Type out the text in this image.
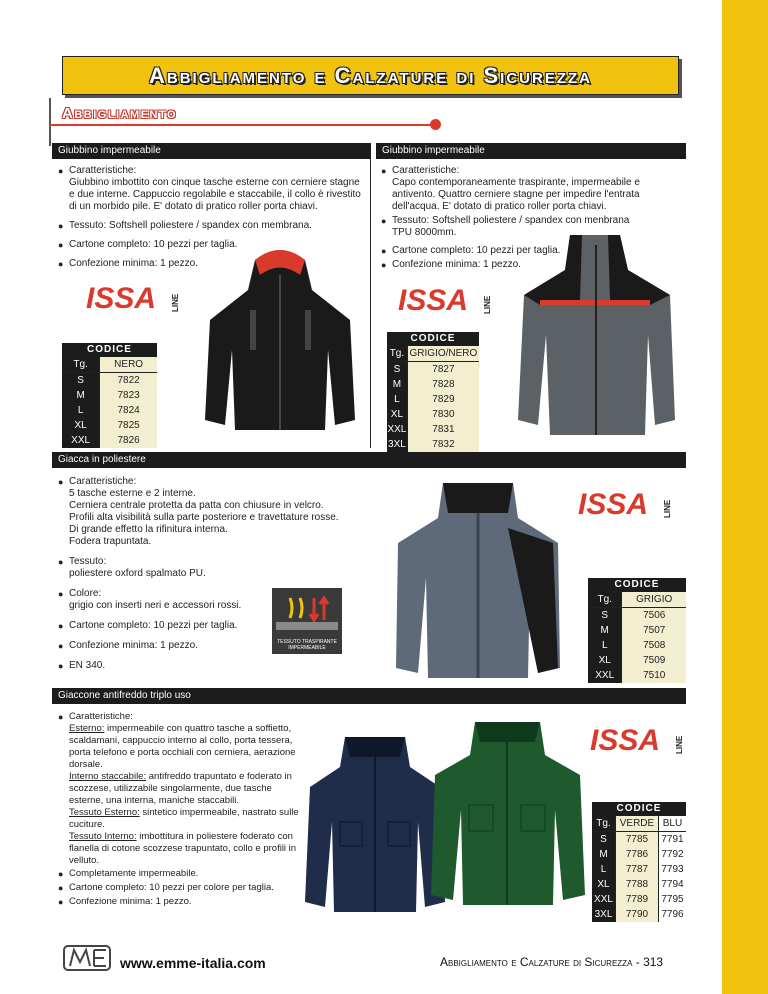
Abbigliamento e Calzature di Sicurezza
Abbigliamento
Giubbino impermeabile
● Caratteristiche:
Giubbino imbottito con cinque tasche esterne con cerniere stagne e due interne. Cappuccio regolabile e staccabile, il collo è rivestito di un morbido pile. E' dotato di pratico roller porta chiavi.
● Tessuto: Softshell poliestere / spandex con membrana.
● Cartone completo: 10 pezzi per taglia.
● Confezione minima: 1 pezzo.
ISSA LINE
CODICE
Tg.	NERO
S	7822
M	7823
L	7824
XL	7825
XXL	7826
Giubbino impermeabile
● Caratteristiche:
Capo contemporaneamente traspirante, impermeabile e antivento. Quattro cerniere stagne per impedire l'entrata dell'acqua. E' dotato di pratico roller porta chiavi.
● Tessuto: Softshell poliestere / spandex con menbrana
TPU 8000mm.
● Cartone completo: 10 pezzi per taglia.
● Confezione minima: 1 pezzo.
ISSA LINE
CODICE
Tg.	GRIGIO/NERO
S	7827
M	7828
L	7829
XL	7830
XXL	7831
3XL	7832
Giacca in poliestere
● Caratteristiche:
5 tasche esterne e 2 interne.
Cerniera centrale protetta da patta con chiusure in velcro.
Profili alta visibilità sulla parte posteriore e travettature rosse.
Di grande effetto la rifinitura interna.
Fodera trapuntata.
● Tessuto:
poliestere oxford spalmato PU.
● Colore:
grigio con inserti neri e accessori rossi.
● Cartone completo: 10 pezzi per taglia.
● Confezione minima: 1 pezzo.
● EN 340.
TESSUTO TRASPIRANTE
IMPERMEABILE
ISSA LINE
CODICE
Tg.	GRIGIO
S	7506
M	7507
L	7508
XL	7509
XXL	7510
Giaccone antifreddo triplo uso
● Caratteristiche:
Esterno: impermeabile con quattro tasche a soffietto, scaldamani, cappuccio interno al collo, porta tessera, porta telefono e porta occhiali con cerniera, aerazione dorsale.
Interno staccabile: antifreddo trapuntato e foderato in scozzese, utilizzabile singolarmente, due tasche esterne, una interna, maniche staccabili.
Tessuto Esterno: sintetico impermeabile, nastrato sulle cuciture.
Tessuto Interno: imbottitura in poliestere foderato con flanella di cotone scozzese trapuntato, collo e profili in velluto.
● Completamente impermeabile.
● Cartone completo: 10 pezzi per colore per taglia.
● Confezione minima: 1 pezzo.
ISSA LINE
CODICE
Tg.	VERDE	BLU
S	7785	7791
M	7786	7792
L	7787	7793
XL	7788	7794
XXL	7789	7795
3XL	7790	7796
www.emme-italia.com	Abbigliamento e Calzature di Sicurezza - 313
